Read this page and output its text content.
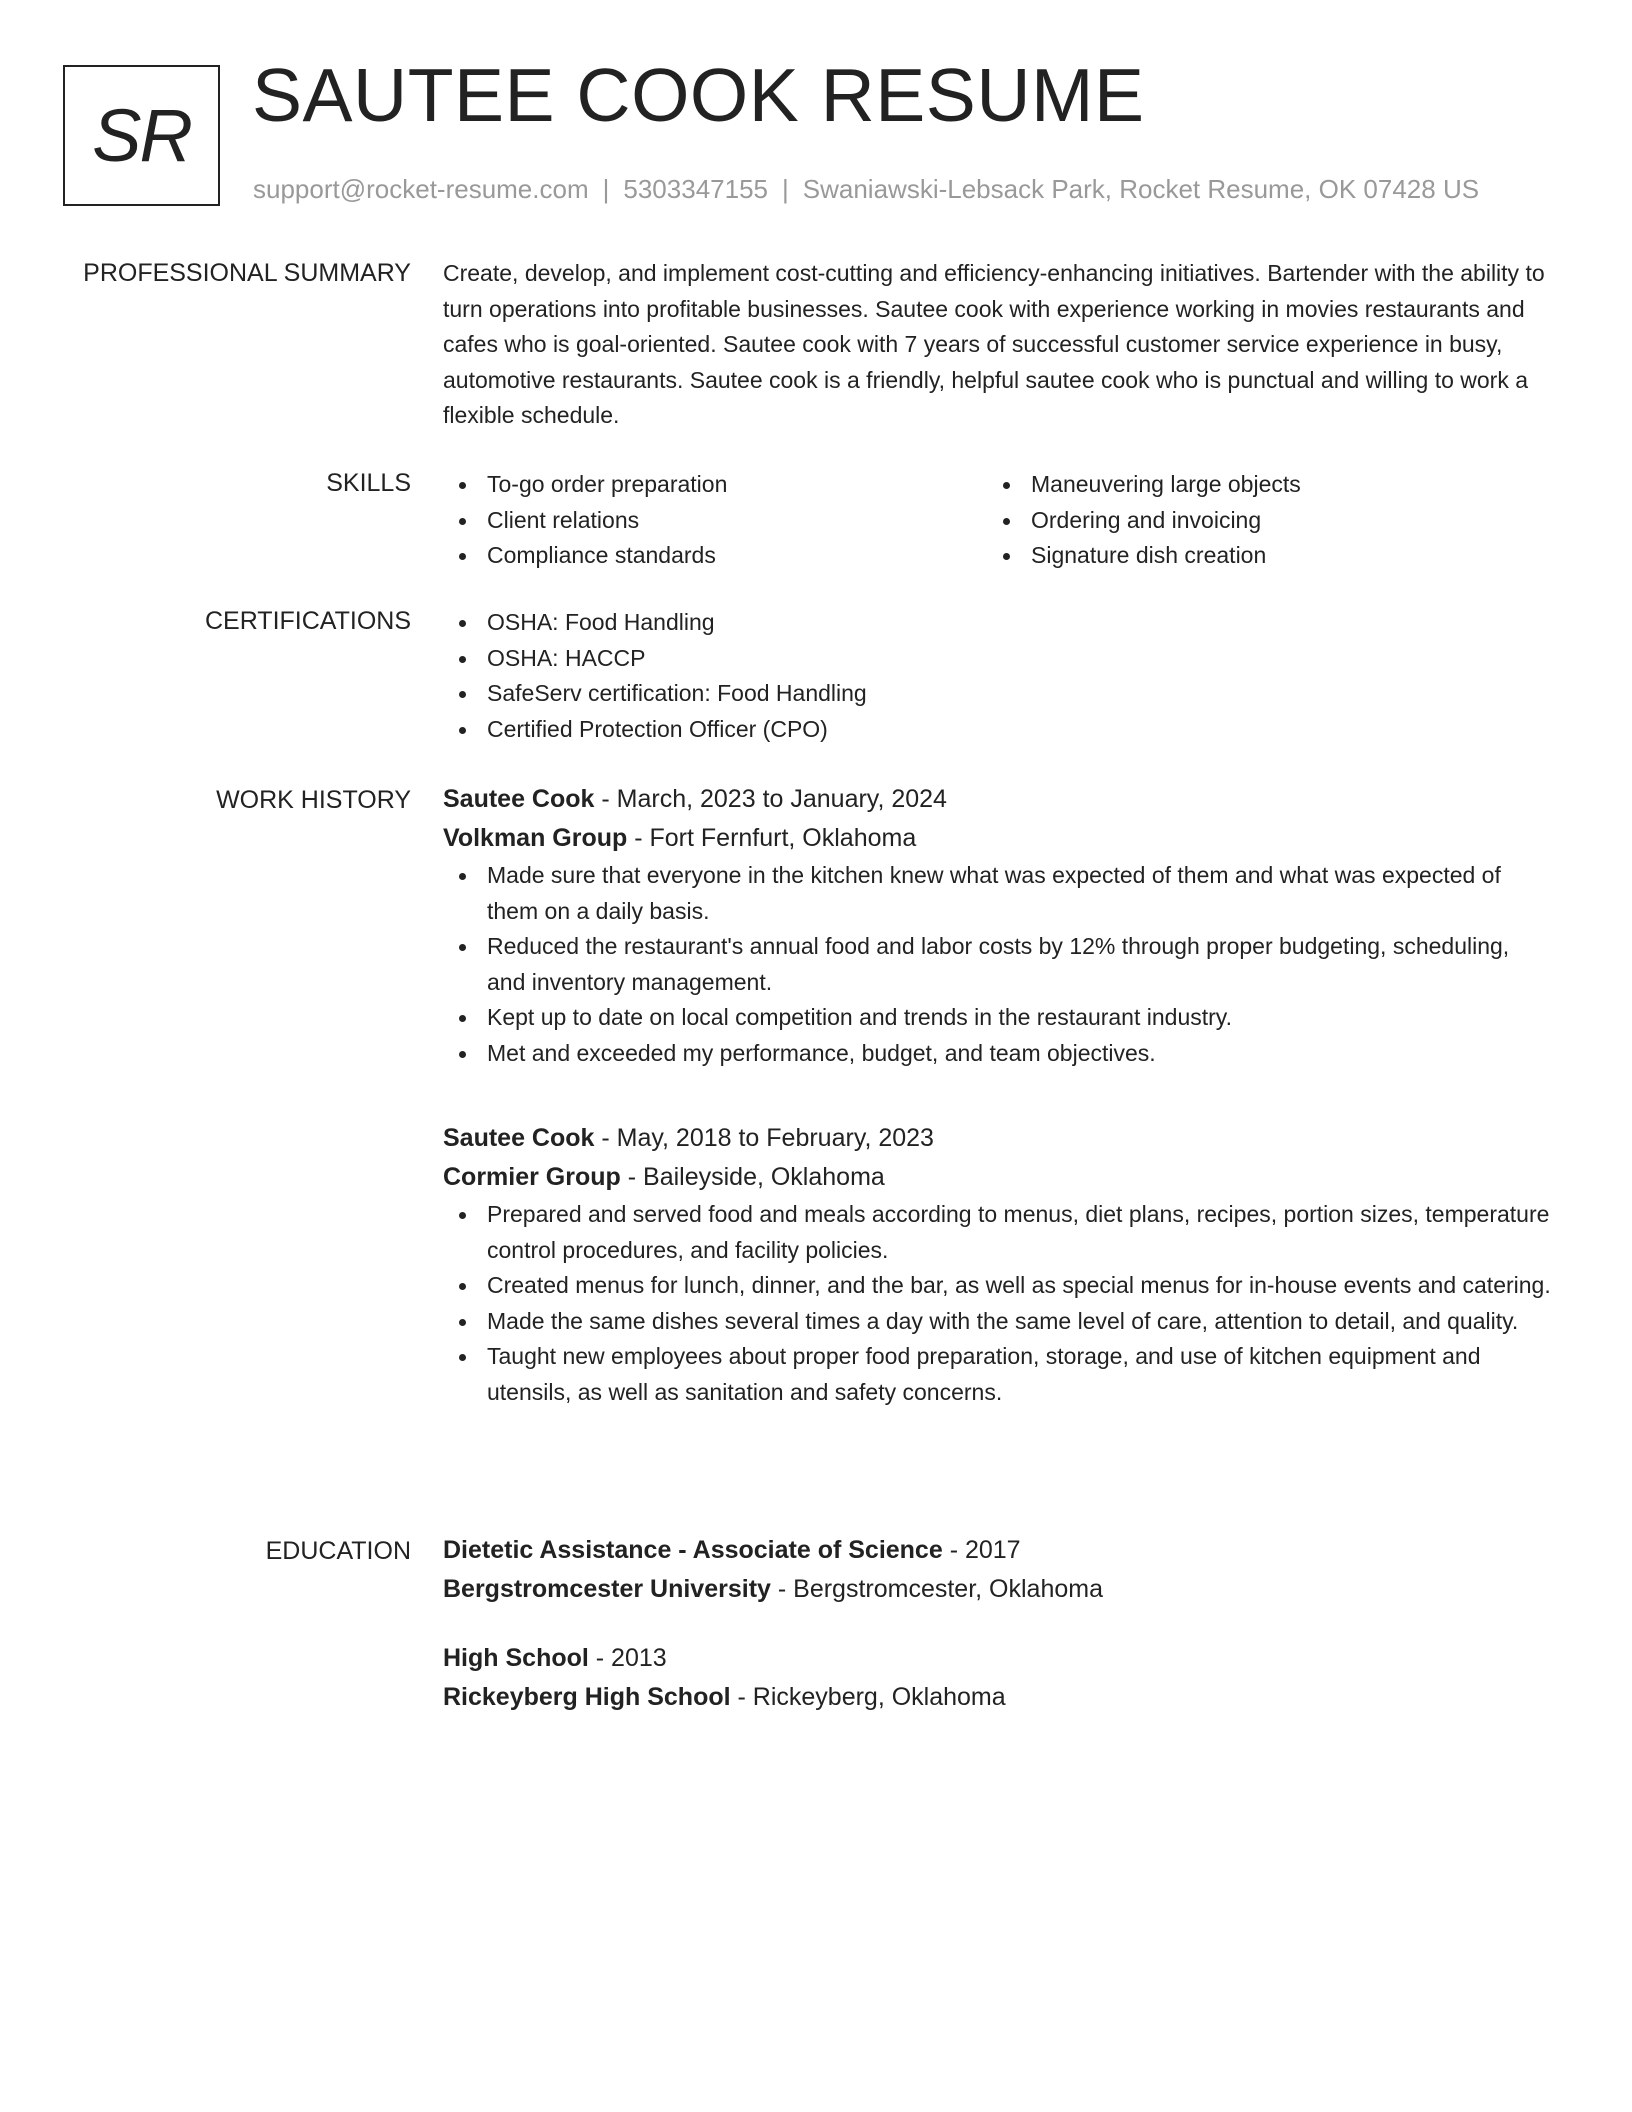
SR SAUTEE COOK RESUME
support@rocket-resume.com | 5303347155 | Swaniawski-Lebsack Park, Rocket Resume, OK 07428 US
PROFESSIONAL SUMMARY Create, develop, and implement cost-cutting and efficiency-enhancing initiatives. Bartender with the ability to turn operations into profitable businesses. Sautee cook with experience working in movies restaurants and cafes who is goal-oriented. Sautee cook with 7 years of successful customer service experience in busy, automotive restaurants. Sautee cook is a friendly, helpful sautee cook who is punctual and willing to work a flexible schedule.

SKILLS	To-go order preparation
Client relations
Compliance standards
Maneuvering large objects
Ordering and invoicing
Signature dish creation
CERTIFICATIONS	OSHA: Food Handling
OSHA: HACCP
SafeServ certification: Food Handling
Certified Protection Officer (CPO)
WORK HISTORY Sautee Cook - March, 2023 to January, 2024
Volkman Group - Fort Fernfurt, Oklahoma
Made sure that everyone in the kitchen knew what was expected of them and what was expected of them on a daily basis.
Reduced the restaurant's annual food and labor costs by 12% through proper budgeting, scheduling, and inventory management.
Kept up to date on local competition and trends in the restaurant industry.
Met and exceeded my performance, budget, and team objectives.
Sautee Cook - May, 2018 to February, 2023
Cormier Group - Baileyside, Oklahoma
Prepared and served food and meals according to menus, diet plans, recipes, portion sizes, temperature control procedures, and facility policies.
Created menus for lunch, dinner, and the bar, as well as special menus for in-house events and catering.
Made the same dishes several times a day with the same level of care, attention to detail, and quality.
Taught new employees about proper food preparation, storage, and use of kitchen equipment and utensils, as well as sanitation and safety concerns.
EDUCATION Dietetic Assistance - Associate of Science - 2017
Bergstromcester University - Bergstromcester, Oklahoma
High School - 2013
Rickeyberg High School - Rickeyberg, Oklahoma
